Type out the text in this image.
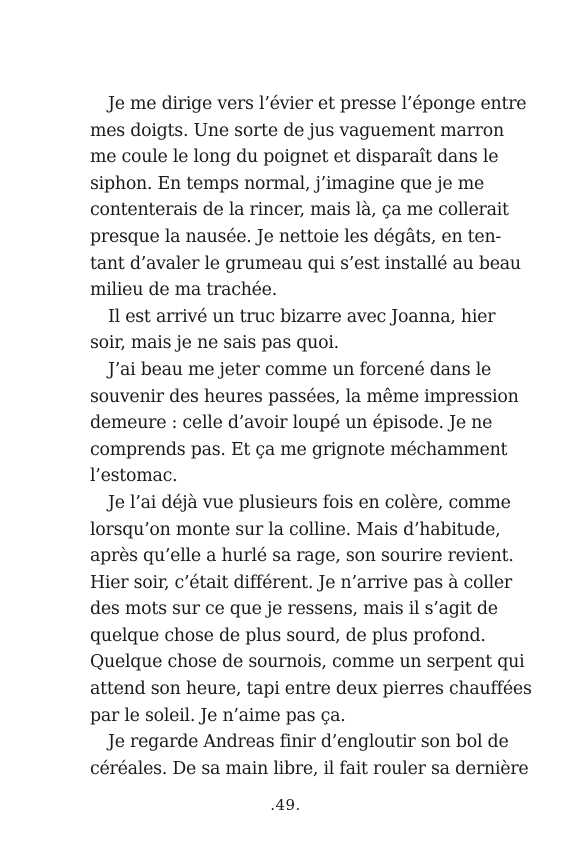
Je me dirige vers l’évier et presse l’éponge entre
mes doigts. Une sorte de jus vaguement marron
me coule le long du poignet et disparaît dans le
siphon. En temps normal, j’imagine que je me
contenterais de la rincer, mais là, ça me collerait
presque la nausée. Je nettoie les dégâts, en ten-
tant d’avaler le grumeau qui s’est installé au beau
milieu de ma trachée.
Il est arrivé un truc bizarre avec Joanna, hier
soir, mais je ne sais pas quoi.
J’ai beau me jeter comme un forcené dans le
souvenir des heures passées, la même impression
demeure : celle d’avoir loupé un épisode. Je ne
comprends pas. Et ça me grignote méchamment
l’estomac.
Je l’ai déjà vue plusieurs fois en colère, comme
lorsqu’on monte sur la colline. Mais d’habitude,
après qu’elle a hurlé sa rage, son sourire revient.
Hier soir, c’était différent. Je n’arrive pas à coller
des mots sur ce que je ressens, mais il s’agit de
quelque chose de plus sourd, de plus profond.
Quelque chose de sournois, comme un serpent qui
attend son heure, tapi entre deux pierres chauffées
par le soleil. Je n’aime pas ça.
Je regarde Andreas finir d’engloutir son bol de
céréales. De sa main libre, il fait rouler sa dernière
.49.
